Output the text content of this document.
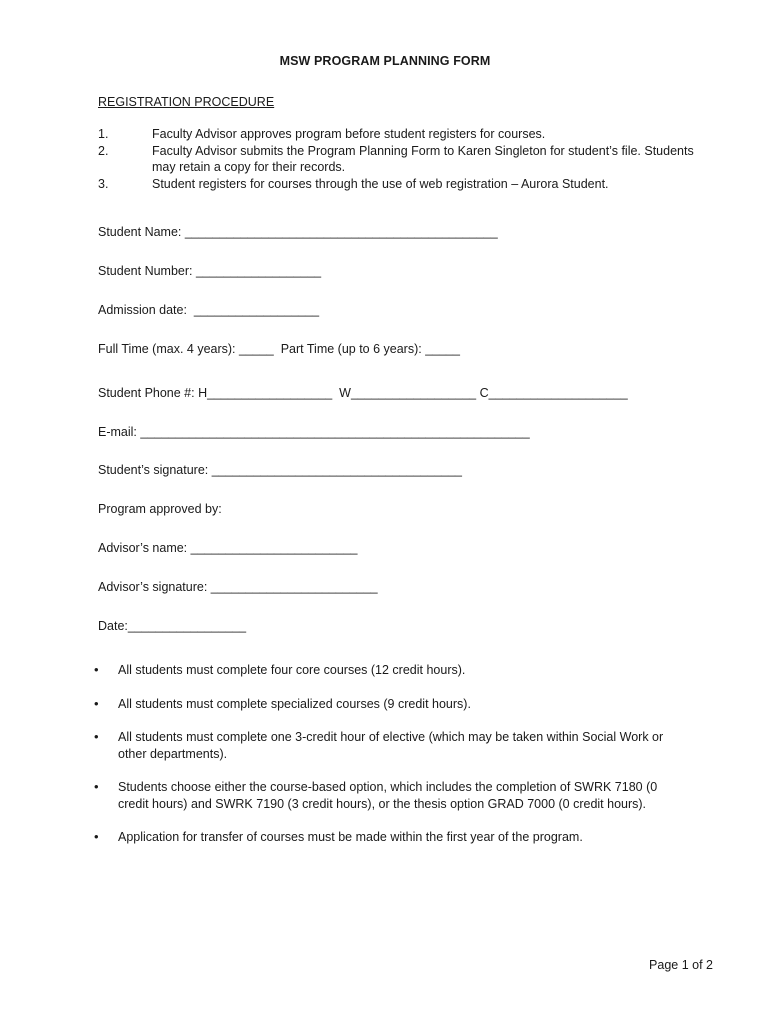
MSW PROGRAM PLANNING FORM
REGISTRATION PROCEDURE
1.	Faculty Advisor approves program before student registers for courses.
2.	Faculty Advisor submits the Program Planning Form to Karen Singleton for student’s file. Students may retain a copy for their records.
3.	Student registers for courses through the use of web registration – Aurora Student.
Student Name: _____________________________________________
Student Number: __________________
Admission date:  __________________
Full Time (max. 4 years): _____  Part Time (up to 6 years): _____
Student Phone #: H__________________  W__________________ C____________________
E-mail: ________________________________________________________
Student’s signature: ____________________________________
Program approved by:
Advisor’s name: ________________________
Advisor’s signature: ________________________
Date:_________________
•	All students must complete four core courses (12 credit hours).
•	All students must complete specialized courses (9 credit hours).
•	All students must complete one 3-credit hour of elective (which may be taken within Social Work or other departments).
•	Students choose either the course-based option, which includes the completion of SWRK 7180 (0 credit hours) and SWRK 7190 (3 credit hours), or the thesis option GRAD 7000 (0 credit hours).
•	Application for transfer of courses must be made within the first year of the program.
Page 1 of 2
